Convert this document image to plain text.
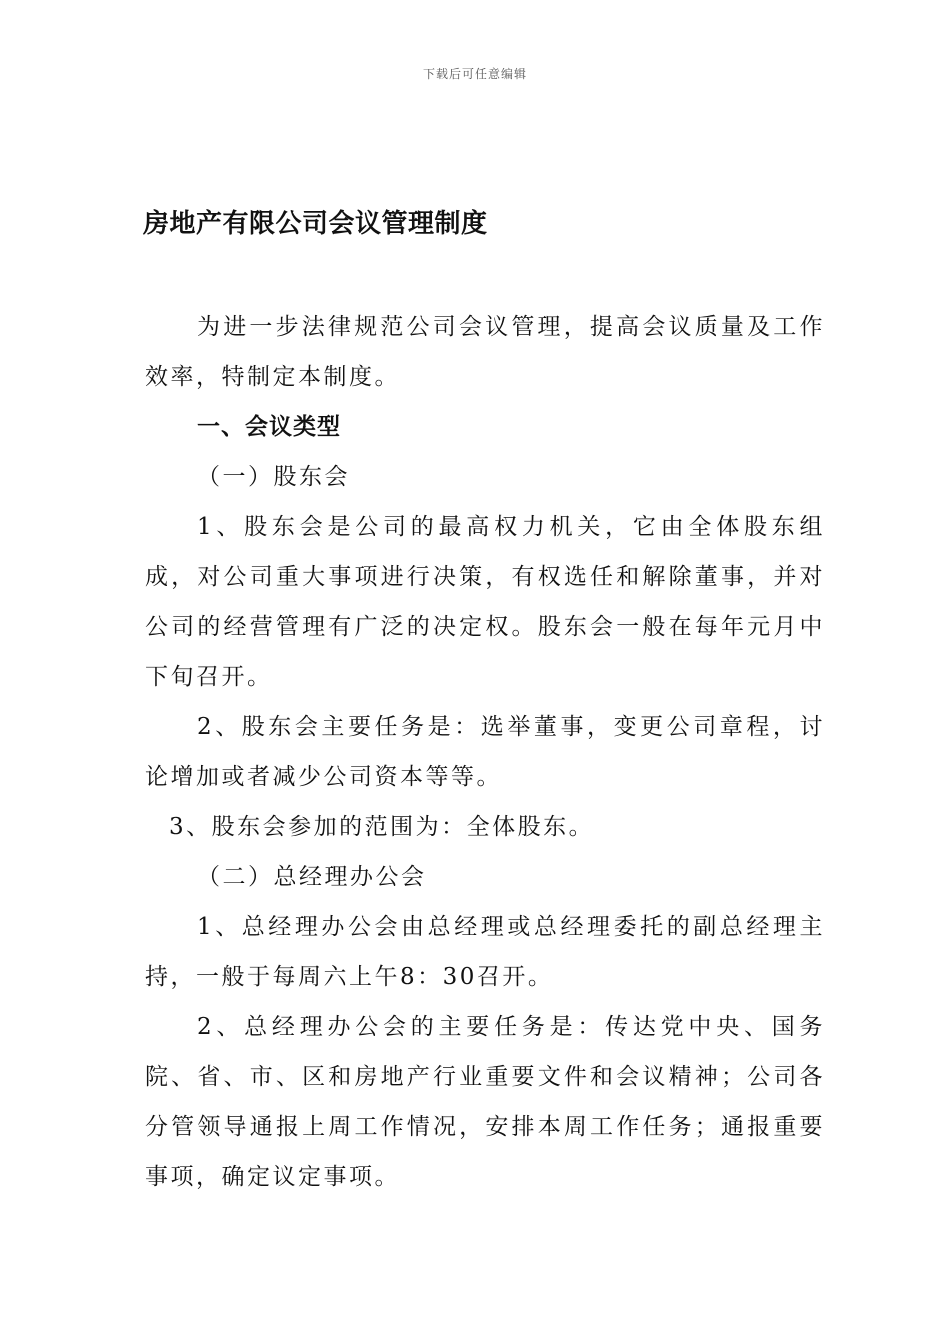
下载后可任意编辑
房地产有限公司会议管理制度

为进一步法律规范公司会议管理，提高会议质量及工作效率，特制定本制度。

一、会议类型

（一）股东会

1、股东会是公司的最高权力机关，它由全体股东组成，对公司重大事项进行决策，有权选任和解除董事，并对公司的经营管理有广泛的决定权。股东会一般在每年元月中下旬召开。

2、股东会主要任务是：选举董事，变更公司章程，讨论增加或者减少公司资本等等。

3、股东会参加的范围为：全体股东。

（二）总经理办公会

1、总经理办公会由总经理或总经理委托的副总经理主持，一般于每周六上午8：30召开。

2、总经理办公会的主要任务是：传达党中央、国务院、省、市、区和房地产行业重要文件和会议精神；公司各分管领导通报上周工作情况，安排本周工作任务；通报重要事项，确定议定事项。
